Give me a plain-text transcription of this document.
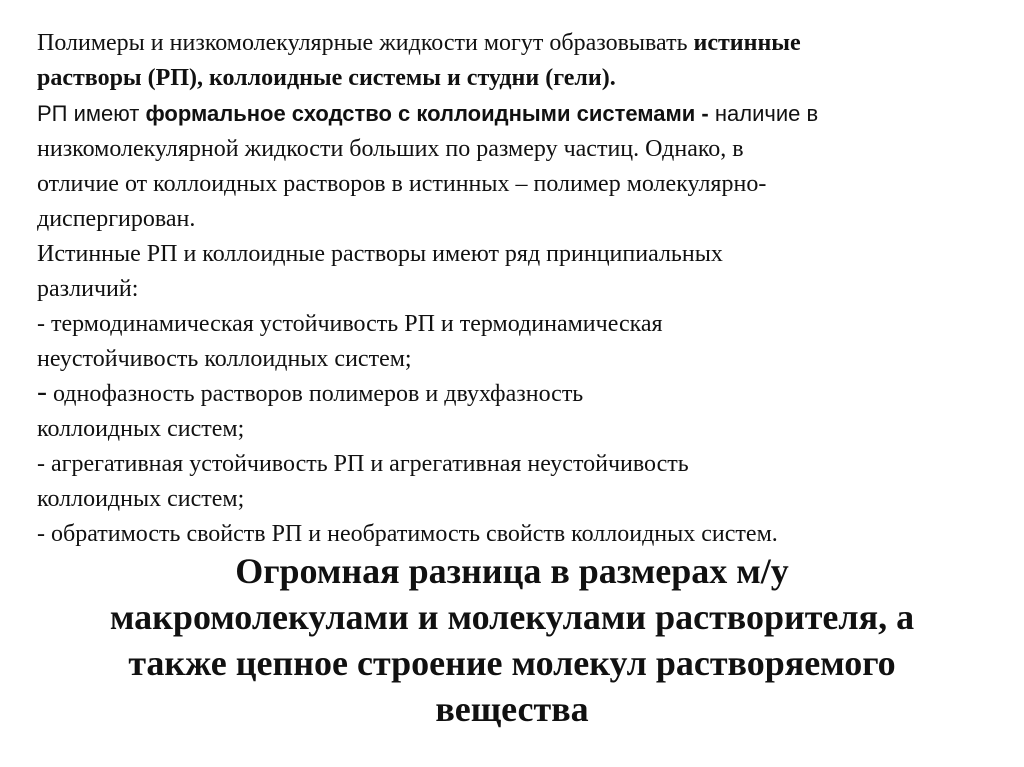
Полимеры и низкомолекулярные жидкости могут образовывать истинные
растворы (РП), коллоидные системы и студни (гели).
РП имеют формальное сходство с коллоидными системами - наличие в
низкомолекулярной жидкости больших по размеру частиц. Однако, в
отличие от коллоидных растворов в истинных – полимер молекулярно-
диспергирован.
Истинные РП и коллоидные растворы имеют ряд принципиальных
различий:
- термодинамическая устойчивость РП и термодинамическая
неустойчивость коллоидных систем;
- однофазность растворов полимеров и двухфазность
коллоидных систем;
- агрегативная устойчивость РП и агрегативная неустойчивость
коллоидных систем;
- обратимость свойств РП и необратимость свойств коллоидных систем.
Огромная разница в размерах м/у
макромолекулами и молекулами растворителя, а
также цепное строение молекул растворяемого
вещества
